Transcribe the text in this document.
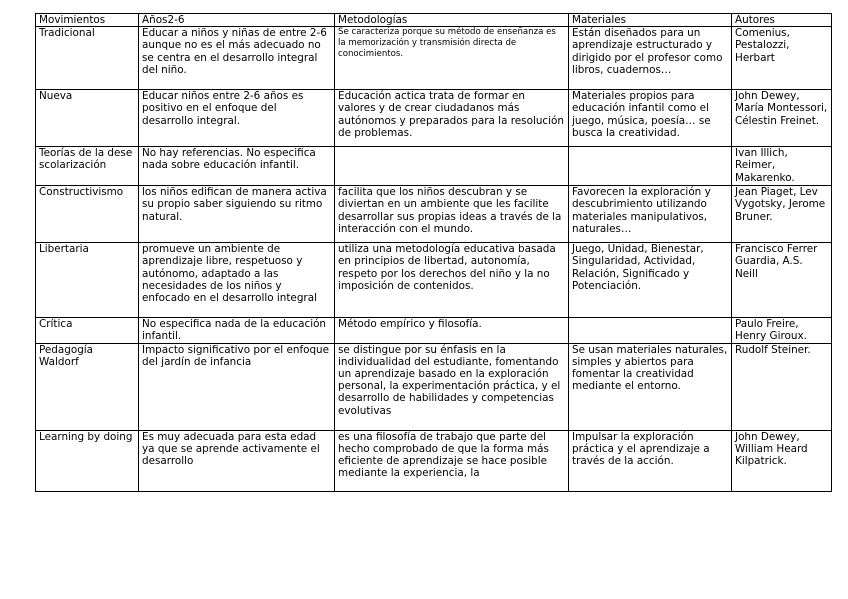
Movimientos	Años2-6	Metodologías	Materiales	Autores
Tradicional	Educar a niños y niñas de entre 2-6 aunque no es el más adecuado no se centra en el desarrollo integral del niño.	Se caracteriza porque su método de enseñanza es la memorización y transmisión directa de conocimientos.	Están diseñados para un aprendizaje estructurado y dirigido por el profesor como libros, cuadernos…	Comenius, Pestalozzi, Herbart
Nueva	Educar niños entre 2-6 años es positivo en el enfoque del desarrollo integral.	Educación actica trata de formar en valores y de crear ciudadanos más autónomos y preparados para la resolución de problemas.	Materiales propios para educación infantil como el juego, música, poesía… se busca la creatividad.	John Dewey, María Montessori, Célestin Freinet.
Teorías de la desescolarización	No hay referencias. No especifica nada sobre educación infantil.			Ivan Illich, Reimer, Makarenko.
Constructivismo	los niños edifican de manera activa su propio saber siguiendo su ritmo natural.	facilita que los niños descubran y se diviertan en un ambiente que les facilite desarrollar sus propias ideas a través de la interacción con el mundo.	Favorecen la exploración y descubrimiento utilizando materiales manipulativos, naturales…	Jean Piaget, Lev Vygotsky, Jerome Bruner.
Libertaria	promueve un ambiente de aprendizaje libre, respetuoso y autónomo, adaptado a las necesidades de los niños y enfocado en el desarrollo integral	utiliza una metodología educativa basada en principios de libertad, autonomía, respeto por los derechos del niño y la no imposición de contenidos.	Juego, Unidad, Bienestar, Singularidad, Actividad, Relación, Significado y Potenciación.	Francisco Ferrer Guardia, A.S. Neill
Crítica	No especifica nada de la educación infantil.	Método empírico y filosofía.		Paulo Freire, Henry Giroux.
Pedagogía Waldorf	Impacto significativo por el enfoque del jardín de infancia	se distingue por su énfasis en la individualidad del estudiante, fomentando un aprendizaje basado en la exploración personal, la experimentación práctica, y el desarrollo de habilidades y competencias evolutivas	Se usan materiales naturales, simples y abiertos para fomentar la creatividad mediante el entorno.	Rudolf Steiner.
Learning by doing	Es muy adecuada para esta edad ya que se aprende activamente el desarrollo	es una filosofía de trabajo que parte del hecho comprobado de que la forma más eficiente de aprendizaje se hace posible mediante la experiencia, la	Impulsar la exploración práctica y el aprendizaje a través de la acción.	John Dewey, William Heard Kilpatrick.
